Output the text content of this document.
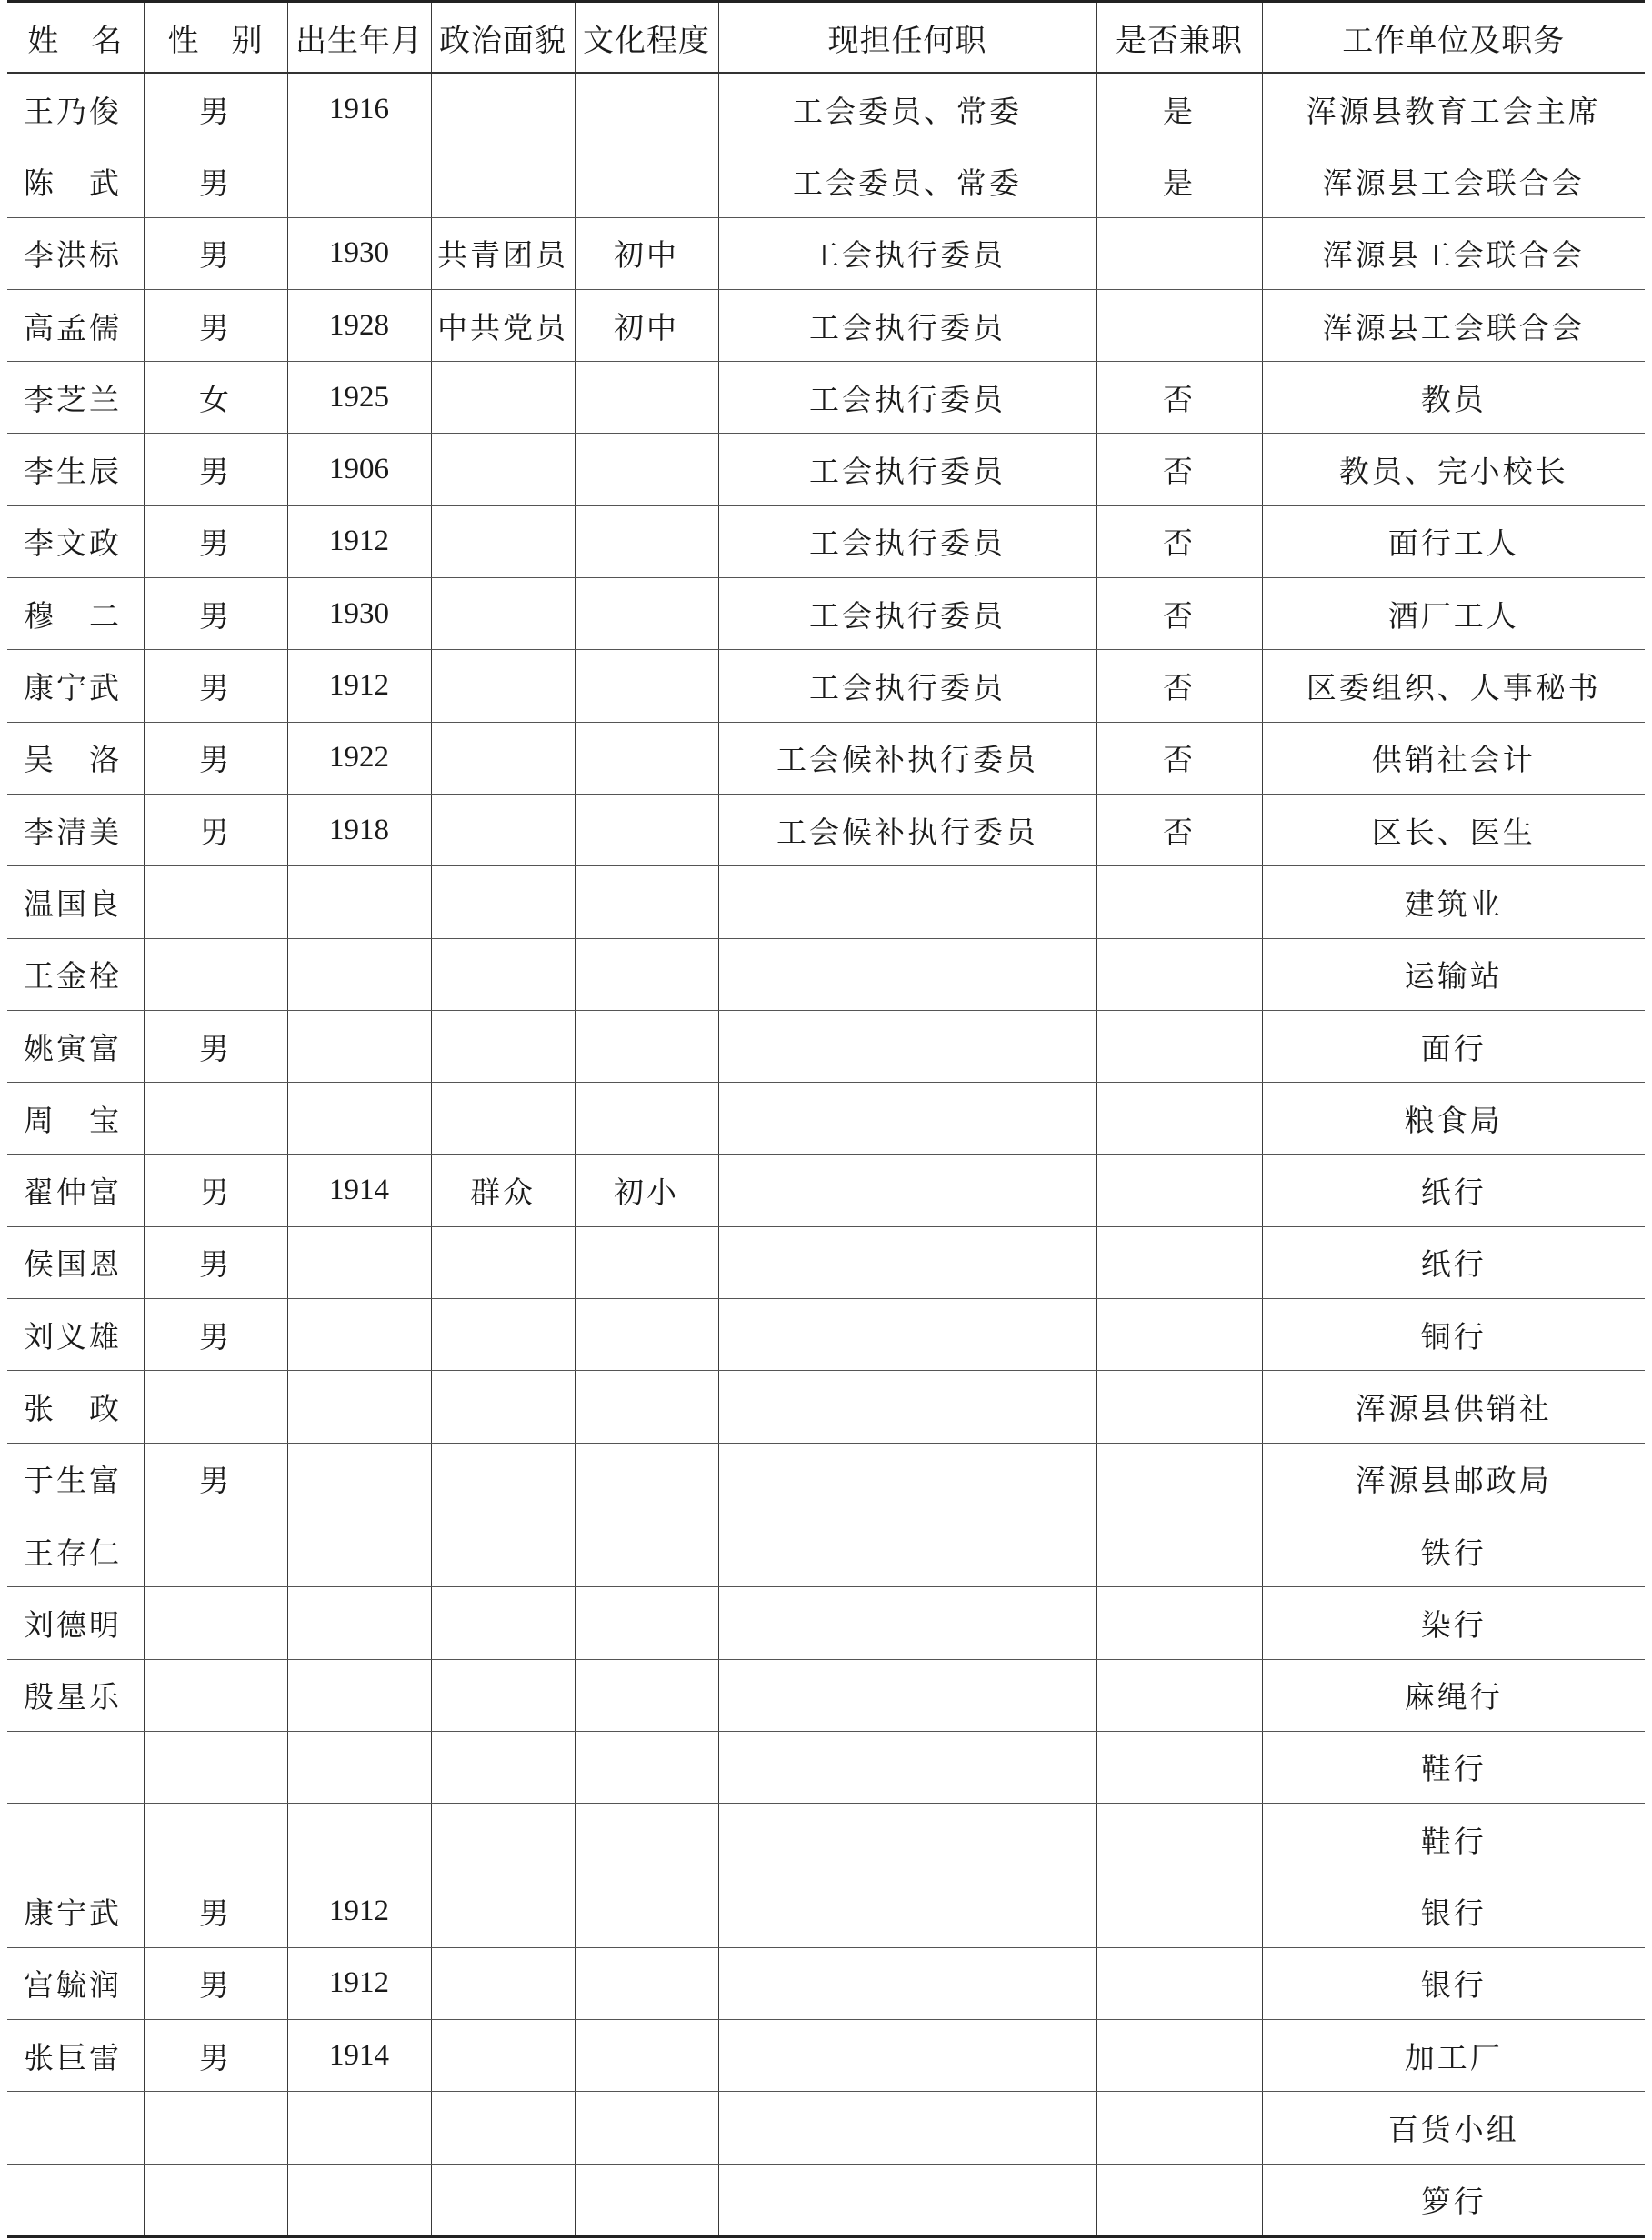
姓　名	性　别	出生年月	政治面貌	文化程度	现担任何职	是否兼职	工作单位及职务
王乃俊	男	1916			工会委员、常委	是	浑源县教育工会主席
陈　武	男				工会委员、常委	是	浑源县工会联合会
李洪标	男	1930	共青团员	初中	工会执行委员		浑源县工会联合会
高孟儒	男	1928	中共党员	初中	工会执行委员		浑源县工会联合会
李芝兰	女	1925			工会执行委员	否	教员
李生辰	男	1906			工会执行委员	否	教员、完小校长
李文政	男	1912			工会执行委员	否	面行工人
穆　二	男	1930			工会执行委员	否	酒厂工人
康宁武	男	1912			工会执行委员	否	区委组织、人事秘书
吴　洛	男	1922			工会候补执行委员	否	供销社会计
李清美	男	1918			工会候补执行委员	否	区长、医生
温国良							建筑业
王金栓							运输站
姚寅富	男						面行
周　宝							粮食局
翟仲富	男	1914	群众	初小			纸行
侯国恩	男						纸行
刘义雄	男						铜行
张　政							浑源县供销社
于生富	男						浑源县邮政局
王存仁							铁行
刘德明							染行
殷星乐							麻绳行
							鞋行
							鞋行
康宁武	男	1912					银行
宫毓润	男	1912					银行
张巨雷	男	1914					加工厂
							百货小组
							箩行
